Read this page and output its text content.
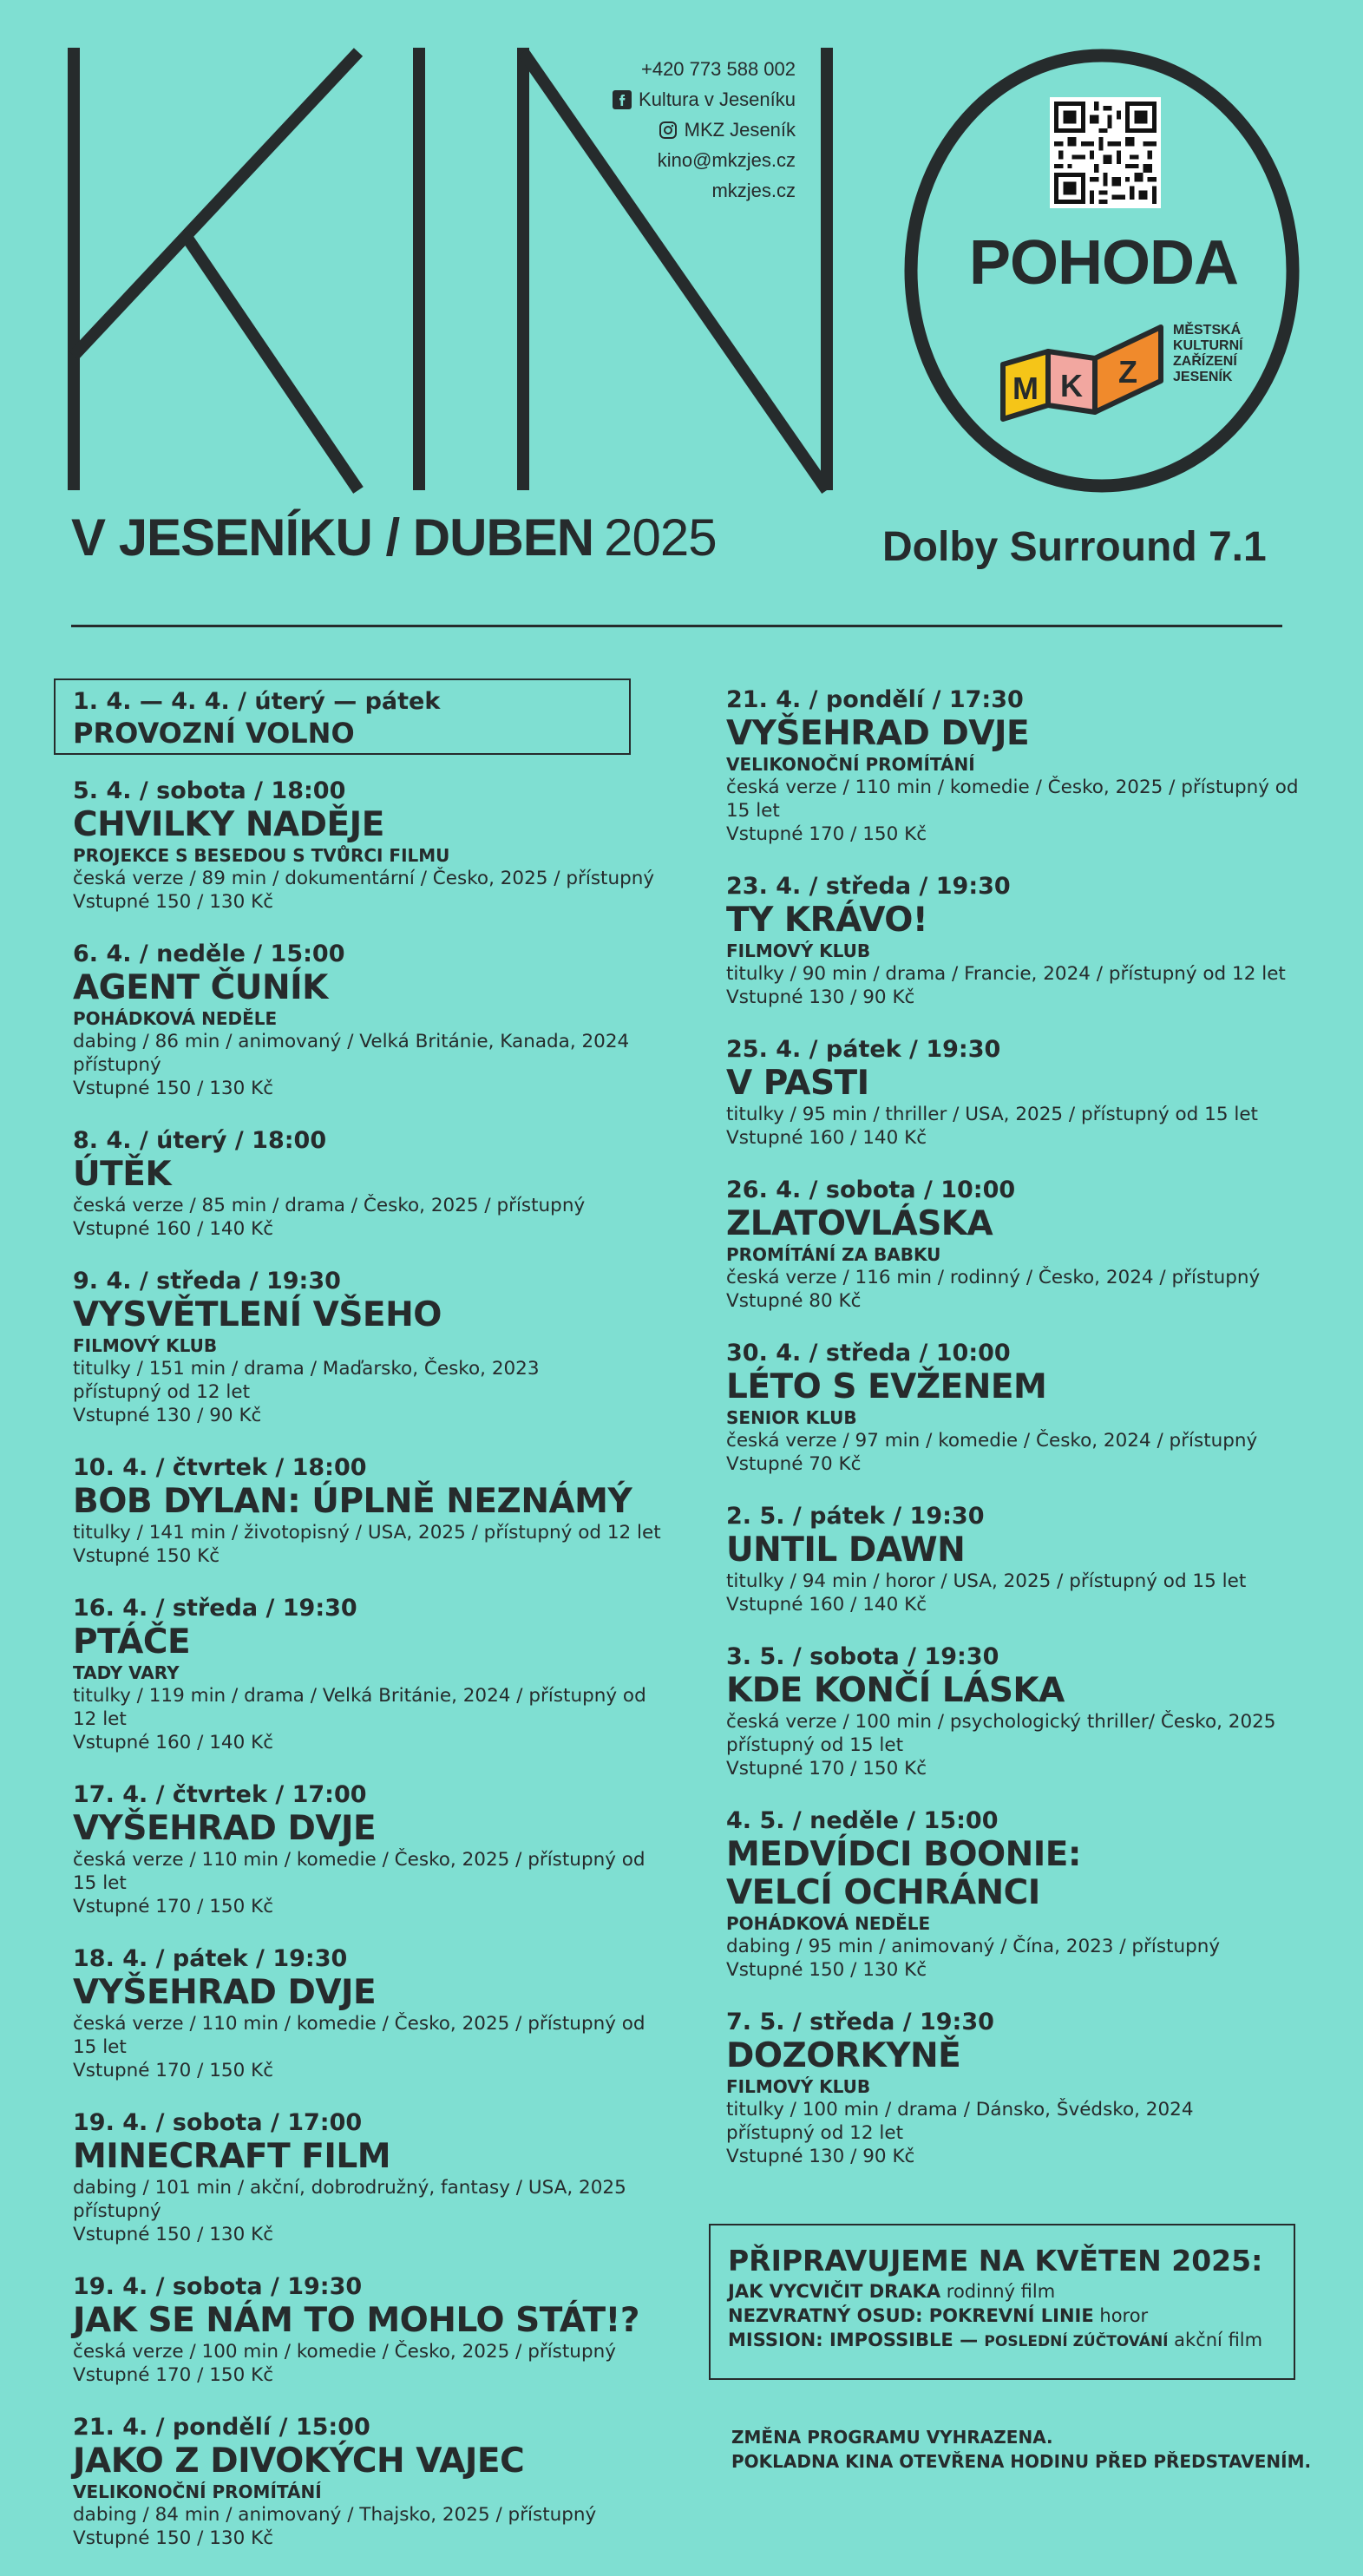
KINO
+420 773 588 002
Kultura v Jeseníku
MKZ Jeseník
kino@mkzjes.cz
mkzjes.cz
POHODA
M K Z
MĚSTSKÁ
KULTURNÍ
ZAŘÍZENÍ
JESENÍK
V JESENÍKU / DUBEN 2025	Dolby Surround 7.1
1. 4. — 4. 4. / úterý — pátek
PROVOZNÍ VOLNO
5. 4. / sobota / 18:00
CHVILKY NADĚJE
PROJEKCE S BESEDOU S TVŮRCI FILMU
česká verze / 89 min / dokumentární / Česko, 2025 / přístupný
Vstupné 150 / 130 Kč
6. 4. / neděle / 15:00
AGENT ČUNÍK
POHÁDKOVÁ NEDĚLE
dabing / 86 min / animovaný / Velká Británie, Kanada, 2024
přístupný
Vstupné 150 / 130 Kč
8. 4. / úterý / 18:00
ÚTĚK
česká verze / 85 min / drama / Česko, 2025 / přístupný
Vstupné 160 / 140 Kč
9. 4. / středa / 19:30
VYSVĚTLENÍ VŠEHO
FILMOVÝ KLUB
titulky / 151 min / drama / Maďarsko, Česko, 2023
přístupný od 12 let
Vstupné 130 / 90 Kč
10. 4. / čtvrtek / 18:00
BOB DYLAN: ÚPLNĚ NEZNÁMÝ
titulky / 141 min / životopisný / USA, 2025 / přístupný od 12 let
Vstupné 150 Kč
16. 4. / středa / 19:30
PTÁČE
TADY VARY
titulky / 119 min / drama / Velká Británie, 2024 / přístupný od 12 let
Vstupné 160 / 140 Kč
17. 4. / čtvrtek / 17:00
VYŠEHRAD DVJE
česká verze / 110 min / komedie / Česko, 2025 / přístupný od 15 let
Vstupné 170 / 150 Kč
18. 4. / pátek / 19:30
VYŠEHRAD DVJE
česká verze / 110 min / komedie / Česko, 2025 / přístupný od 15 let
Vstupné 170 / 150 Kč
19. 4. / sobota / 17:00
MINECRAFT FILM
dabing / 101 min / akční, dobrodružný, fantasy / USA, 2025
přístupný
Vstupné 150 / 130 Kč
19. 4. / sobota / 19:30
JAK SE NÁM TO MOHLO STÁT!?
česká verze / 100 min / komedie / Česko, 2025 / přístupný
Vstupné 170 / 150 Kč
21. 4. / pondělí / 15:00
JAKO Z DIVOKÝCH VAJEC
VELIKONOČNÍ PROMÍTÁNÍ
dabing / 84 min / animovaný / Thajsko, 2025 / přístupný
Vstupné 150 / 130 Kč
21. 4. / pondělí / 17:30
VYŠEHRAD DVJE
VELIKONOČNÍ PROMÍTÁNÍ
česká verze / 110 min / komedie / Česko, 2025 / přístupný od 15 let
Vstupné 170 / 150 Kč
23. 4. / středa / 19:30
TY KRÁVO!
FILMOVÝ KLUB
titulky / 90 min / drama / Francie, 2024 / přístupný od 12 let
Vstupné 130 / 90 Kč
25. 4. / pátek / 19:30
V PASTI
titulky / 95 min / thriller / USA, 2025 / přístupný od 15 let
Vstupné 160 / 140 Kč
26. 4. / sobota / 10:00
ZLATOVLÁSKA
PROMÍTÁNÍ ZA BABKU
česká verze / 116 min / rodinný / Česko, 2024 / přístupný
Vstupné 80 Kč
30. 4. / středa / 10:00
LÉTO S EVŽENEM
SENIOR KLUB
česká verze / 97 min / komedie / Česko, 2024 / přístupný
Vstupné 70 Kč
2. 5. / pátek / 19:30
UNTIL DAWN
titulky / 94 min / horor / USA, 2025 / přístupný od 15 let
Vstupné 160 / 140 Kč
3. 5. / sobota / 19:30
KDE KONČÍ LÁSKA
česká verze / 100 min / psychologický thriller/ Česko, 2025
přístupný od 15 let
Vstupné 170 / 150 Kč
4. 5. / neděle / 15:00
MEDVÍDCI BOONIE:
VELCÍ OCHRÁNCI
POHÁDKOVÁ NEDĚLE
dabing / 95 min / animovaný / Čína, 2023 / přístupný
Vstupné 150 / 130 Kč
7. 5. / středa / 19:30
DOZORKYNĚ
FILMOVÝ KLUB
titulky / 100 min / drama / Dánsko, Švédsko, 2024
přístupný od 12 let
Vstupné 130 / 90 Kč
PŘIPRAVUJEME NA KVĚTEN 2025:
JAK VYCVIČIT DRAKA rodinný film
NEZVRATNÝ OSUD: POKREVNÍ LINIE horor
MISSION: IMPOSSIBLE — POSLEDNÍ ZÚČTOVÁNÍ akční film
ZMĚNA PROGRAMU VYHRAZENA.
POKLADNA KINA OTEVŘENA HODINU PŘED PŘEDSTAVENÍM.
